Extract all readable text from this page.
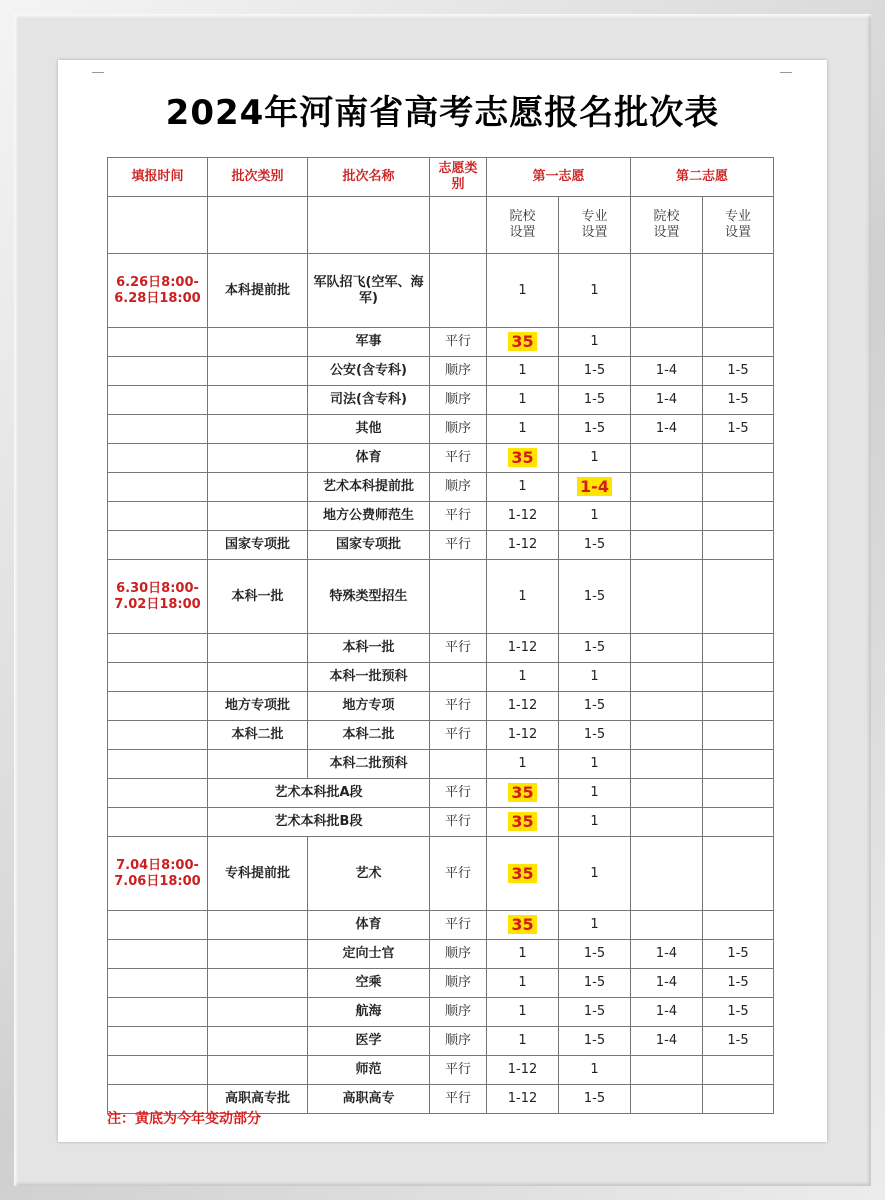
2024年河南省高考志愿报名批次表
填报时间	批次类别	批次名称	志愿类别	第一志愿		第二志愿	
				院校设置	专业设置	院校设置	专业设置
6.26日8:00-6.28日18:00	本科提前批	军队招飞(空军、海军)		1	1		
		军事	平行	35	1		
		公安(含专科)	顺序	1	1-5	1-4	1-5
		司法(含专科)	顺序	1	1-5	1-4	1-5
		其他	顺序	1	1-5	1-4	1-5
		体育	平行	35	1		
		艺术本科提前批	顺序	1	1-4		
		地方公费师范生	平行	1-12	1		
	国家专项批	国家专项批	平行	1-12	1-5		
6.30日8:00-7.02日18:00	本科一批	特殊类型招生		1	1-5		
		本科一批	平行	1-12	1-5		
		本科一批预科		1	1		
	地方专项批	地方专项	平行	1-12	1-5		
	本科二批	本科二批	平行	1-12	1-5		
		本科二批预科		1	1		
	艺术本科批A段		平行	35	1		
	艺术本科批B段		平行	35	1		
7.04日8:00-7.06日18:00	专科提前批	艺术	平行	35	1		
		体育	平行	35	1		
		定向士官	顺序	1	1-5	1-4	1-5
		空乘	顺序	1	1-5	1-4	1-5
		航海	顺序	1	1-5	1-4	1-5
		医学	顺序	1	1-5	1-4	1-5
		师范	平行	1-12	1		
	高职高专批	高职高专	平行	1-12	1-5		
注：黄底为今年变动部分
